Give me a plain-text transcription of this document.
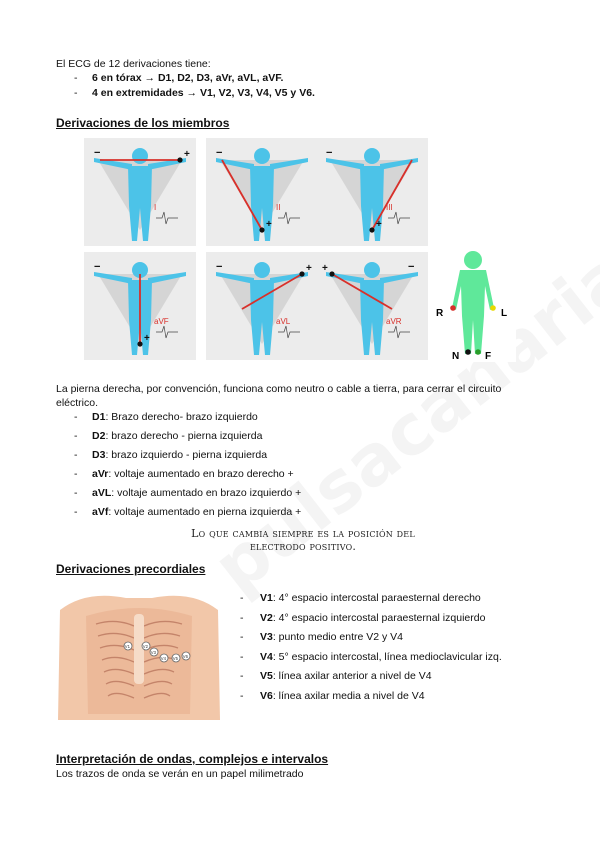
El ECG de 12 derivaciones tiene:
- 6 en tórax → D1, D2, D3, aVr, aVL, aVF.
- 4 en extremidades → V1, V2, V3, V4, V5 y V6.
Derivaciones de los miembros
+
−
I
+
−
II
+
−
III
+
−
aVF
+
−
aVL
+	−
aVR
R	L
N	F
La pierna derecha, por convención, funciona como neutro o cable a tierra, para cerrar el circuito eléctrico.
- D1: Brazo derecho- brazo izquierdo
- D2: brazo derecho - pierna izquierda
- D3: brazo izquierdo - pierna izquierda
- aVr: voltaje aumentado en brazo derecho +
- aVL: voltaje aumentado en brazo izquierdo +
- aVf: voltaje aumentado en pierna izquierda +
Lo que cambia siempre es la posición del electrodo positivo.
Derivaciones precordiales
V1	V2
V3
V4 V5 V6
- V1: 4° espacio intercostal paraesternal derecho
- V2: 4° espacio intercostal paraesternal izquierdo
- V3: punto medio entre V2 y V4
- V4: 5° espacio intercostal, línea medioclavicular izq.
- V5: línea axilar anterior a nivel de V4
- V6: línea axilar media a nivel de V4
Interpretación de ondas, complejos e intervalos
Los trazos de onda se verán en un papel milimetrado
